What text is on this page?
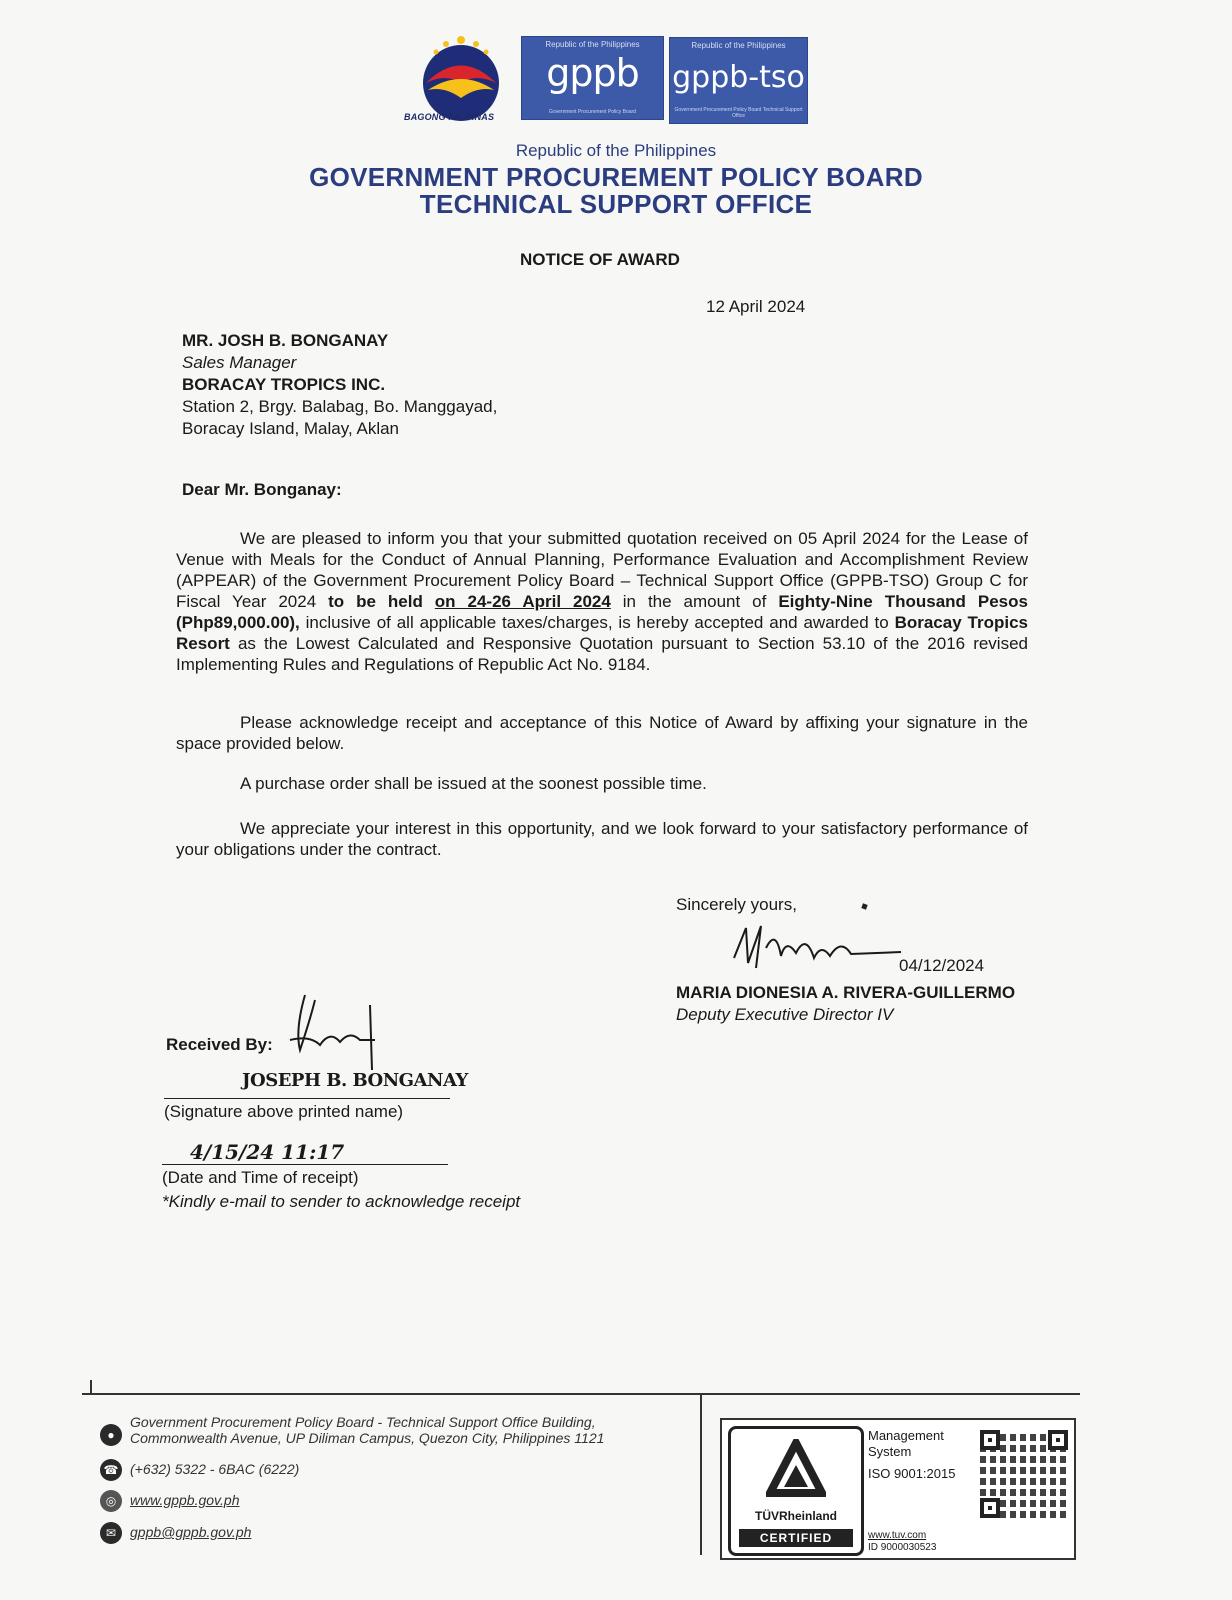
BAGONG PILIPINAS
Republic of the Philippines
gppb
Government Procurement Policy Board
Republic of the Philippines
gppb-tso
Government Procurement Policy Board Technical Support Office
Republic of the Philippines
GOVERNMENT PROCUREMENT POLICY BOARD
TECHNICAL SUPPORT OFFICE
NOTICE OF AWARD
12 April 2024
MR. JOSH B. BONGANAY
Sales Manager
BORACAY TROPICS INC.
Station 2, Brgy. Balabag, Bo. Manggayad,
Boracay Island, Malay, Aklan
Dear Mr. Bonganay:
We are pleased to inform you that your submitted quotation received on 05 April 2024 for the Lease of Venue with Meals for the Conduct of Annual Planning, Performance Evaluation and Accomplishment Review (APPEAR) of the Government Procurement Policy Board – Technical Support Office (GPPB-TSO) Group C for Fiscal Year 2024 to be held on 24-26 April 2024 in the amount of Eighty-Nine Thousand Pesos (Php89,000.00), inclusive of all applicable taxes/charges, is hereby accepted and awarded to Boracay Tropics Resort as the Lowest Calculated and Responsive Quotation pursuant to Section 53.10 of the 2016 revised Implementing Rules and Regulations of Republic Act No. 9184.
Please acknowledge receipt and acceptance of this Notice of Award by affixing your signature in the space provided below.
A purchase order shall be issued at the soonest possible time.
We appreciate your interest in this opportunity, and we look forward to your satisfactory performance of your obligations under the contract.
Sincerely yours,
04/12/2024
MARIA DIONESIA A. RIVERA-GUILLERMO
Deputy Executive Director IV
Received By:
JOSEPH B. BONGANAY
(Signature above printed name)
4/15/24 11:17
(Date and Time of receipt)
*Kindly e-mail to sender to acknowledge receipt
●
Government Procurement Policy Board - Technical Support Office Building,
Commonwealth Avenue, UP Diliman Campus, Quezon City, Philippines 1121
☎ (+632) 5322 - 6BAC (6222)
◎ www.gppb.gov.ph
✉ gppb@gppb.gov.ph
TÜVRheinland
CERTIFIED
Management
System
ISO 9001:2015
www.tuv.com
ID 9000030523
